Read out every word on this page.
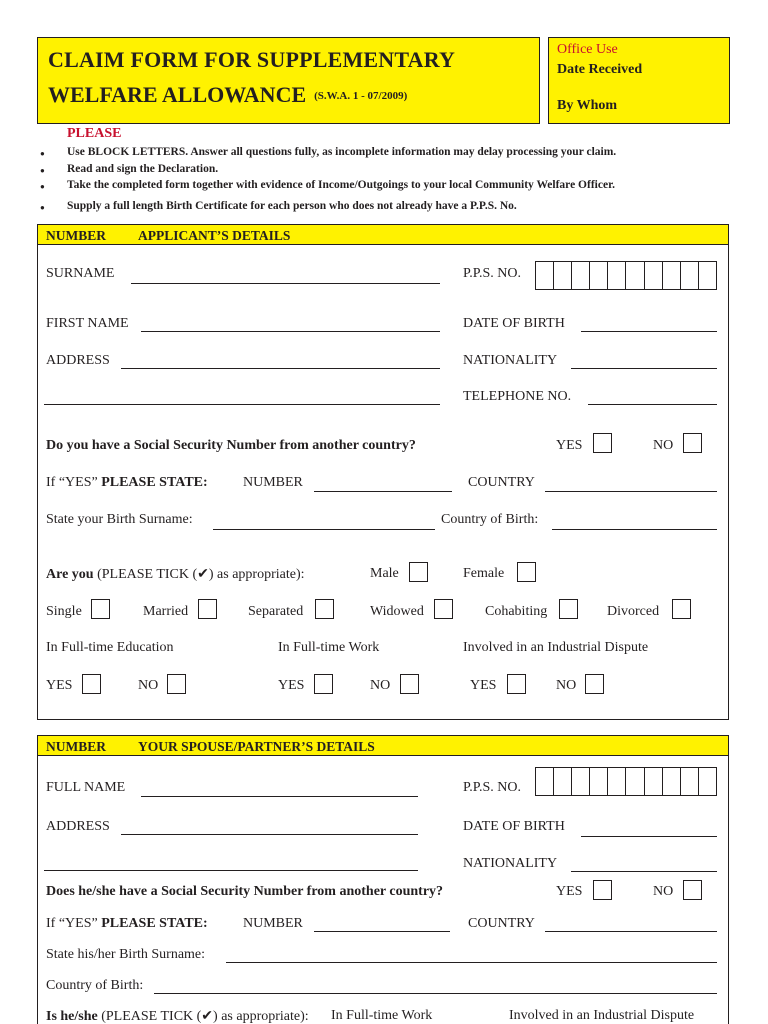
CLAIM FORM FOR SUPPLEMENTARY
WELFARE ALLOWANCE (S.W.A. 1 - 07/2009)
Office Use
Date Received
By Whom
PLEASE
● Use BLOCK LETTERS. Answer all questions fully, as incomplete information may delay processing your claim.
● Read and sign the Declaration.
● Take the completed form together with evidence of Income/Outgoings to your local Community Welfare Officer.
● Supply a full length Birth Certificate for each person who does not already have a P.P.S. No.
NUMBER APPLICANT’S DETAILS
SURNAME	P.P.S. NO.
FIRST NAME	DATE OF BIRTH
ADDRESS	NATIONALITY
TELEPHONE NO.
Do you have a Social Security Number from another country?	YES	NO
If “YES” PLEASE STATE:	NUMBER	COUNTRY
State your Birth Surname:	Country of Birth:
Are you (PLEASE TICK (✔) as appropriate):	Male	Female
Single	Married	Separated	Widowed	Cohabiting	Divorced
In Full-time Education	In Full-time Work	Involved in an Industrial Dispute
YES	NO	YES	NO	YES	NO
NUMBER YOUR SPOUSE/PARTNER’S DETAILS
FULL NAME	P.P.S. NO.
ADDRESS	DATE OF BIRTH
NATIONALITY
Does he/she have a Social Security Number from another country?	YES	NO
If “YES” PLEASE STATE:	NUMBER	COUNTRY
State his/her Birth Surname:
Country of Birth:
Is he/she (PLEASE TICK (✔) as appropriate): In Full-time Work	Involved in an Industrial Dispute
